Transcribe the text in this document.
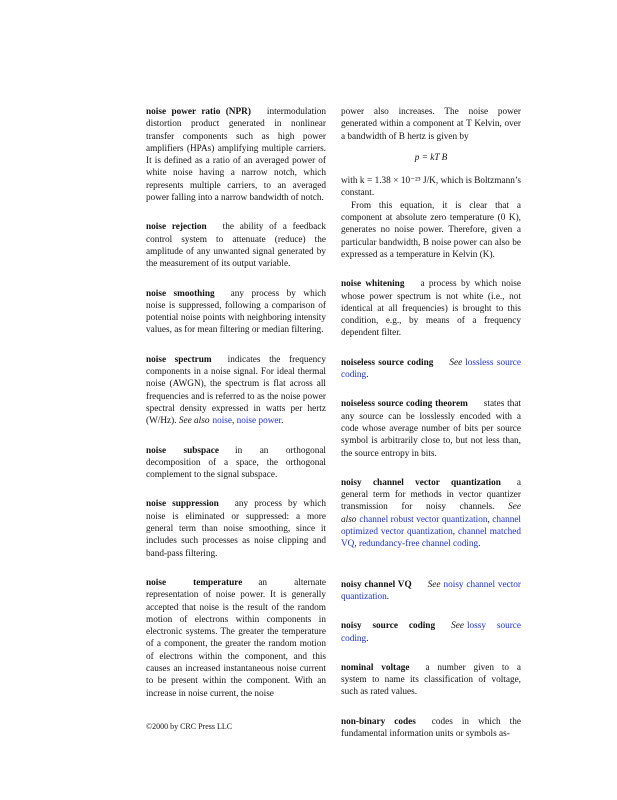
noise power ratio (NPR) intermodulation distortion product generated in nonlinear transfer components such as high power amplifiers (HPAs) amplifying multiple carriers. It is defined as a ratio of an averaged power of white noise having a narrow notch, which represents multiple carriers, to an averaged power falling into a narrow bandwidth of notch.

noise rejection the ability of a feedback control system to attenuate (reduce) the amplitude of any unwanted signal generated by the measurement of its output variable.

noise smoothing any process by which noise is suppressed, following a comparison of potential noise points with neighboring intensity values, as for mean filtering or median filtering.

noise spectrum indicates the frequency components in a noise signal. For ideal thermal noise (AWGN), the spectrum is flat across all frequencies and is referred to as the noise power spectral density expressed in watts per hertz (W/Hz). See also noise, noise power.

noise subspace in an orthogonal decomposition of a space, the orthogonal complement to the signal subspace.

noise suppression any process by which noise is eliminated or suppressed: a more general term than noise smoothing, since it includes such processes as noise clipping and band-pass filtering.

noise temperature an alternate representation of noise power. It is generally accepted that noise is the result of the random motion of electrons within components in electronic systems. The greater the temperature of a component, the greater the random motion of electrons within the component, and this causes an increased instantaneous noise current to be present within the component. With an increase in noise current, the noise

power also increases. The noise power generated within a component at T Kelvin, over a bandwidth of B hertz is given by

p = kT B

with k = 1.38 × 10⁻²³ J/K, which is Boltzmann’s constant.

From this equation, it is clear that a component at absolute zero temperature (0 K), generates no noise power. Therefore, given a particular bandwidth, B noise power can also be expressed as a temperature in Kelvin (K).

noise whitening a process by which noise whose power spectrum is not white (i.e., not identical at all frequencies) is brought to this condition, e.g., by means of a frequency dependent filter.

noiseless source coding See lossless source coding.

noiseless source coding theorem states that any source can be losslessly encoded with a code whose average number of bits per source symbol is arbitrarily close to, but not less than, the source entropy in bits.

noisy channel vector quantization a general term for methods in vector quantizer transmission for noisy channels. See also channel robust vector quantization, channel optimized vector quantization, channel matched VQ, redundancy-free channel coding.

noisy channel VQ See noisy channel vector quantization.

noisy source coding See lossy source coding.

nominal voltage a number given to a system to name its classification of voltage, such as rated values.

non-binary codes codes in which the fundamental information units or symbols as-

©2000 by CRC Press LLC
